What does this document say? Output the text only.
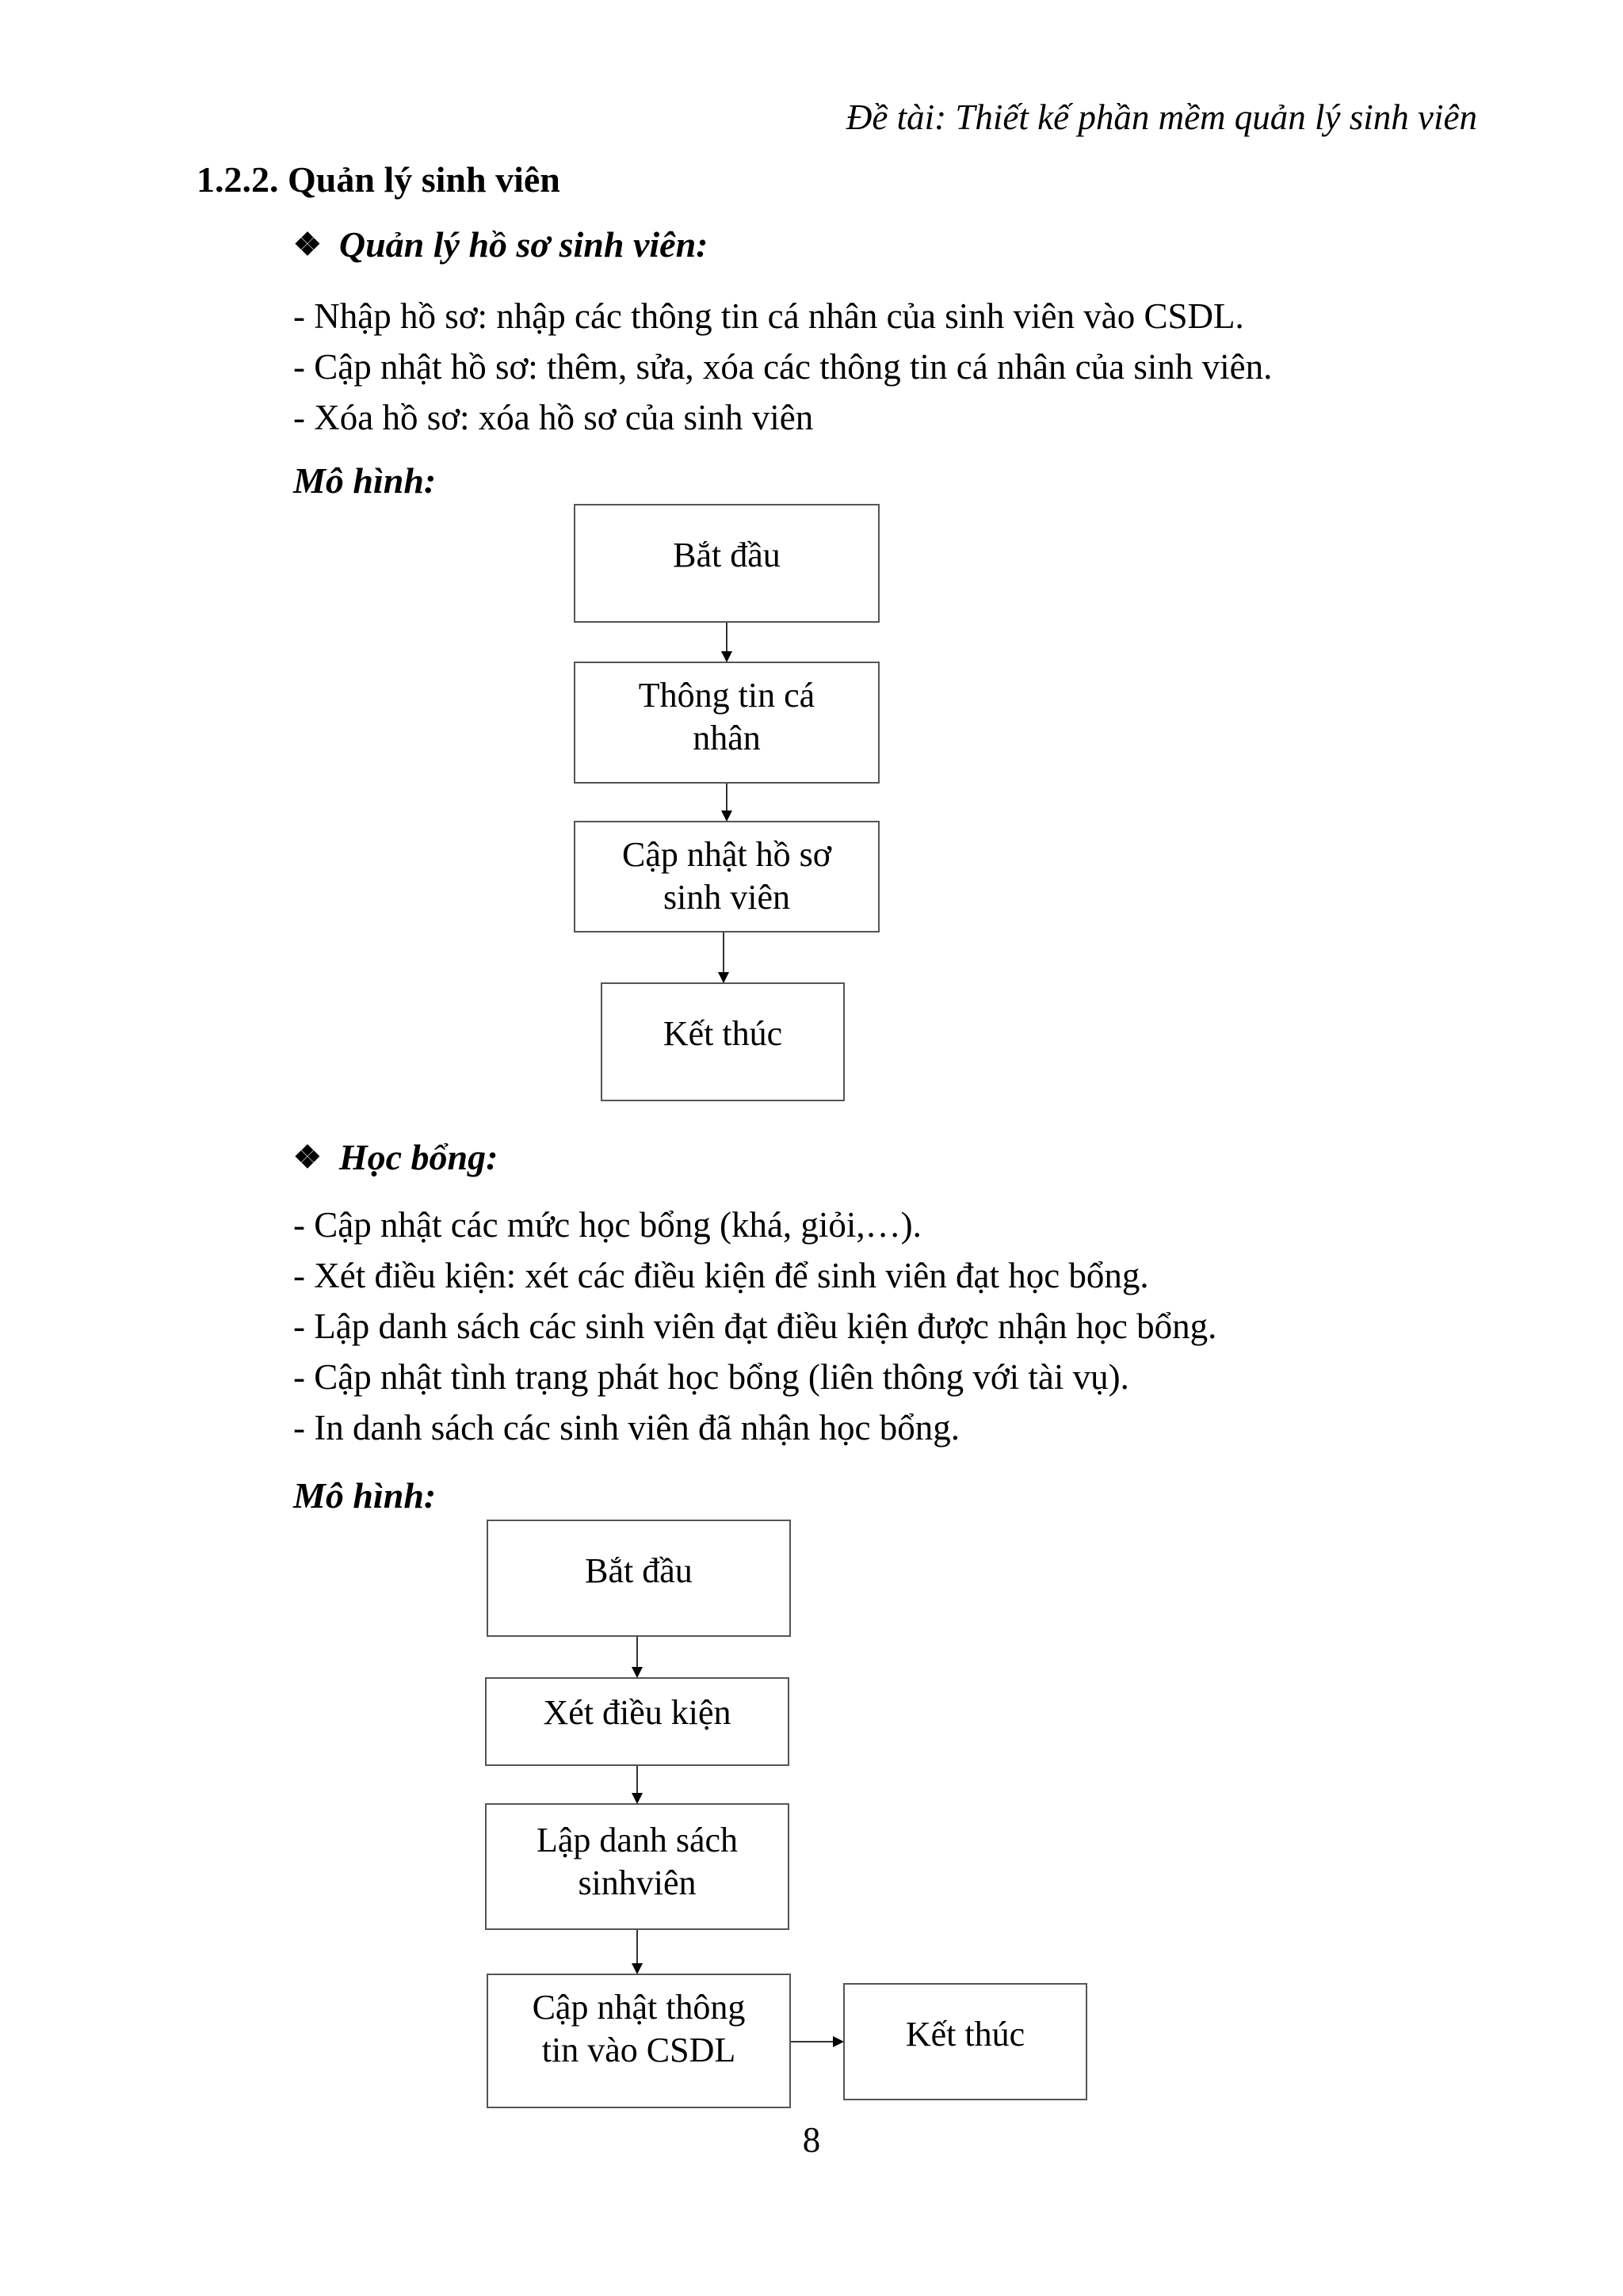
Đề tài: Thiết kế phần mềm quản lý sinh viên
1.2.2. Quản lý sinh viên
❖ Quản lý hồ sơ sinh viên:
- Nhập hồ sơ: nhập các thông tin cá nhân của sinh viên vào CSDL.
- Cập nhật hồ sơ: thêm, sửa, xóa các thông tin cá nhân của sinh viên.
- Xóa hồ sơ: xóa hồ sơ của sinh viên
Mô hình:
Bắt đầu
Thông tin cá
nhân
Cập nhật hồ sơ
sinh viên
Kết thúc
❖ Học bổng:
- Cập nhật các mức học bổng (khá, giỏi,…).
- Xét điều kiện: xét các điều kiện để sinh viên đạt học bổng.
- Lập danh sách các sinh viên đạt điều kiện được nhận học bổng.
- Cập nhật tình trạng phát học bổng (liên thông với tài vụ).
- In danh sách các sinh viên đã nhận học bổng.
Mô hình:
Bắt đầu
Xét điều kiện
Lập danh sách
sinhviên
Cập nhật thông
tin vào CSDL	Kết thúc
8
